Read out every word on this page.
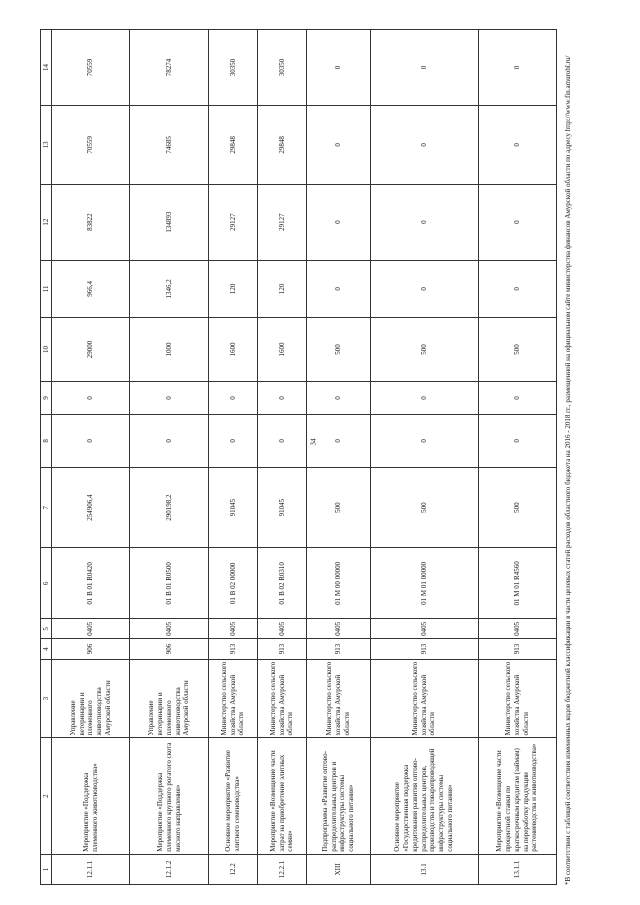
34
1	2	3	4	5	6	7	8	9	10	11	12	13	14
12.1.1	Мероприятие «Поддержка племенного животноводства»	Управление ветеринарии и племенного животноводства Амурской области	906	0405	01 В 01 R0420	254906,4	0	0	29000	966,4	83822	70559	70559
12.1.2	Мероприятие «Поддержка племенного крупного рогатого скота мясного направления»	Управление ветеринарии и племенного животноводства Амурской области	906	0405	01 В 01 R0500	290198,2	0	0	1000	1346,2	134893	74685	78274
12.2	Основное мероприятие «Развитие элитного семеноводства»	Министерство сельского хозяйства Амурской области	913	0405	01 В 02 00000	91045	0	0	1600	120	29127	29848	30350
12.2.1	Мероприятие «Возмещение части затрат на приобретение элитных семян»	Министерство сельского хозяйства Амурской области	913	0405	01 В 02 R0310	91045	0	0	1600	120	29127	29848	30350
XIII	Подпрограмма «Развитие оптово-распределительных центров и инфраструктуры системы социального питания»	Министерство сельского хозяйства Амурской области	913	0405	01 М 00 00000	500	0	0	500	0	0	0	0
13.1	Основное мероприятие «Государственная поддержка кредитования развития оптово-распределительных центров, производства и товаропроводящей инфраструктуры системы социального питания»	Министерство сельского хозяйства Амурской области	913	0405	01 М 01 00000	500	0	0	500	0	0	0	0
13.1.1	Мероприятие «Возмещение части процентной ставки по краткосрочным кредитам (займам) на переработку продукции растениеводства и животноводства»	Министерство сельского хозяйства Амурской области	913	0405	01 М 01 R4560	500	0	0	500	0	0	0	0	*В соответствии с таблицей соответствия измененных кодов бюджетной классификации в части целевых статей расходов областного бюджета на 2016 - 2018 гг., размещенной на официальном сайте министерства финансов Амурской области по адресу http://www.fin.amurobl.ru/
